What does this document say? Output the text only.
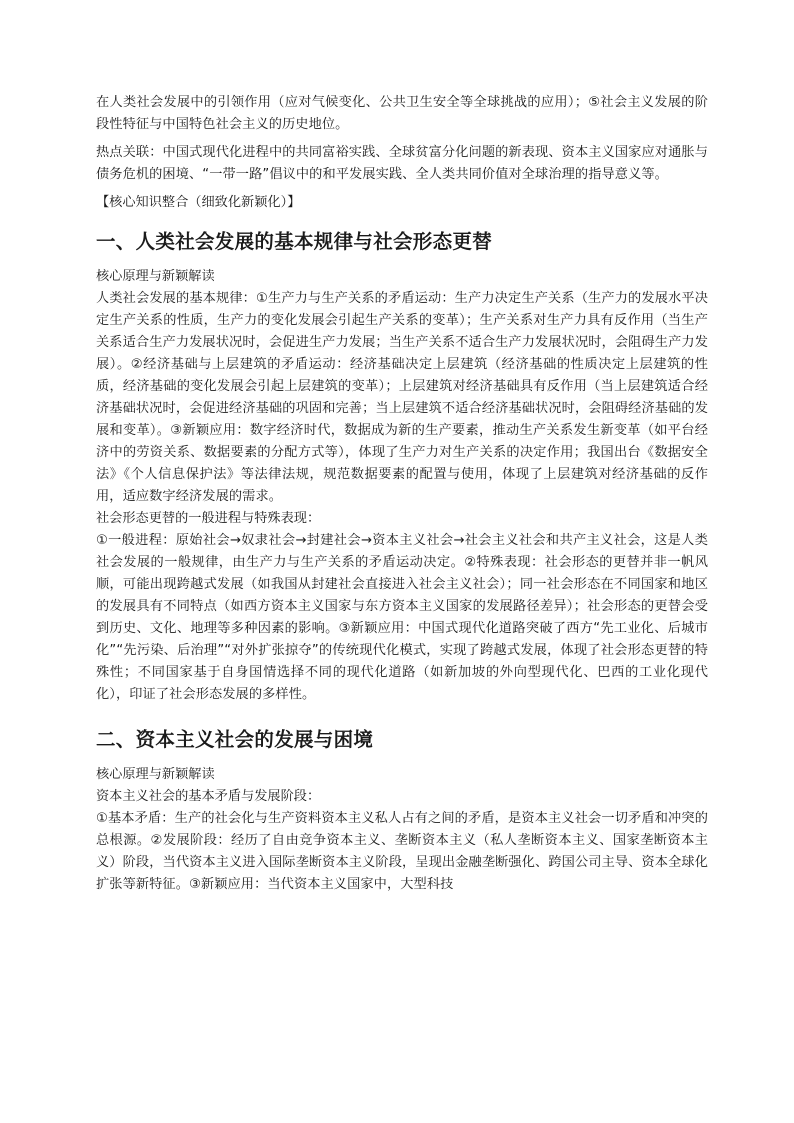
在人类社会发展中的引领作用（应对气候变化、公共卫生安全等全球挑战的应用）；⑤社会主义发展的阶段性特征与中国特色社会主义的历史地位。

热点关联：中国式现代化进程中的共同富裕实践、全球贫富分化问题的新表现、资本主义国家应对通胀与债务危机的困境、“一带一路”倡议中的和平发展实践、全人类共同价值对全球治理的指导意义等。

【核心知识整合（细致化新颖化）】

一、人类社会发展的基本规律与社会形态更替

核心原理与新颖解读

人类社会发展的基本规律：①生产力与生产关系的矛盾运动：生产力决定生产关系（生产力的发展水平决定生产关系的性质，生产力的变化发展会引起生产关系的变革）；生产关系对生产力具有反作用（当生产关系适合生产力发展状况时，会促进生产力发展；当生产关系不适合生产力发展状况时，会阻碍生产力发展）。②经济基础与上层建筑的矛盾运动：经济基础决定上层建筑（经济基础的性质决定上层建筑的性质，经济基础的变化发展会引起上层建筑的变革）；上层建筑对经济基础具有反作用（当上层建筑适合经济基础状况时，会促进经济基础的巩固和完善；当上层建筑不适合经济基础状况时，会阻碍经济基础的发展和变革）。③新颖应用：数字经济时代，数据成为新的生产要素，推动生产关系发生新变革（如平台经济中的劳资关系、数据要素的分配方式等），体现了生产力对生产关系的决定作用；我国出台《数据安全法》《个人信息保护法》等法律法规，规范数据要素的配置与使用，体现了上层建筑对经济基础的反作用，适应数字经济发展的需求。

社会形态更替的一般进程与特殊表现：

①一般进程：原始社会→奴隶社会→封建社会→资本主义社会→社会主义社会和共产主义社会，这是人类社会发展的一般规律，由生产力与生产关系的矛盾运动决定。②特殊表现：社会形态的更替并非一帆风顺，可能出现跨越式发展（如我国从封建社会直接进入社会主义社会）；同一社会形态在不同国家和地区的发展具有不同特点（如西方资本主义国家与东方资本主义国家的发展路径差异）；社会形态的更替会受到历史、文化、地理等多种因素的影响。③新颖应用：中国式现代化道路突破了西方“先工业化、后城市化”“先污染、后治理”“对外扩张掠夺”的传统现代化模式，实现了跨越式发展，体现了社会形态更替的特殊性；不同国家基于自身国情选择不同的现代化道路（如新加坡的外向型现代化、巴西的工业化现代化），印证了社会形态发展的多样性。

二、资本主义社会的发展与困境

核心原理与新颖解读

资本主义社会的基本矛盾与发展阶段：

①基本矛盾：生产的社会化与生产资料资本主义私人占有之间的矛盾，是资本主义社会一切矛盾和冲突的总根源。②发展阶段：经历了自由竞争资本主义、垄断资本主义（私人垄断资本主义、国家垄断资本主义）阶段，当代资本主义进入国际垄断资本主义阶段，呈现出金融垄断强化、跨国公司主导、资本全球化扩张等新特征。③新颖应用：当代资本主义国家中，大型科技
